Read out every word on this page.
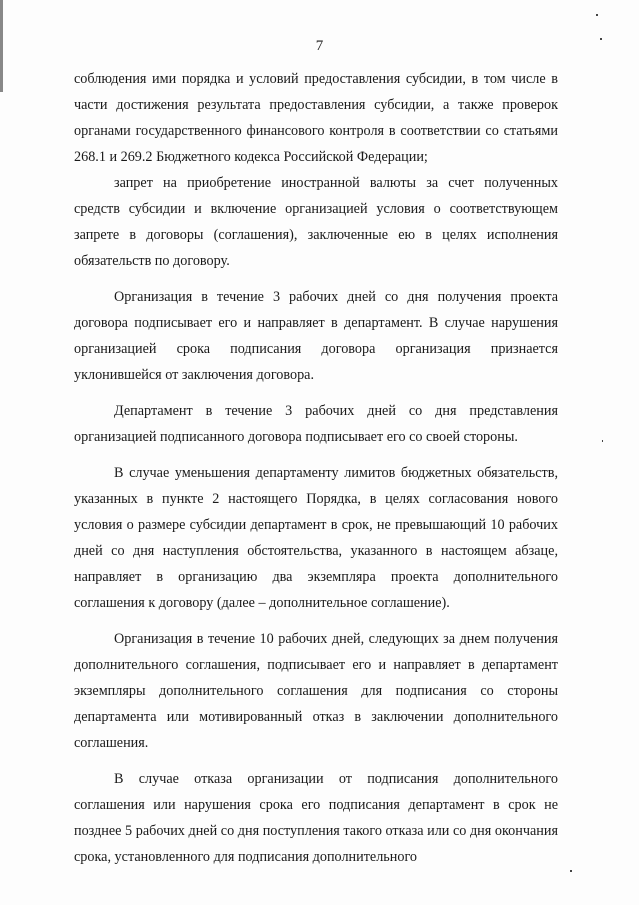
7

соблюдения ими порядка и условий предоставления субсидии, в том числе в части достижения результата предоставления субсидии, а также проверок органами государственного финансового контроля в соответствии со статьями 268.1 и 269.2 Бюджетного кодекса Российской Федерации;

запрет на приобретение иностранной валюты за счет полученных средств субсидии и включение организацией условия о соответствующем запрете в договоры (соглашения), заключенные ею в целях исполнения обязательств по договору.

Организация в течение 3 рабочих дней со дня получения проекта договора подписывает его и направляет в департамент. В случае нарушения организацией срока подписания договора организация признается уклонившейся от заключения договора.

Департамент в течение 3 рабочих дней со дня представления организацией подписанного договора подписывает его со своей стороны.

В случае уменьшения департаменту лимитов бюджетных обязательств, указанных в пункте 2 настоящего Порядка, в целях согласования нового условия о размере субсидии департамент в срок, не превышающий 10 рабочих дней со дня наступления обстоятельства, указанного в настоящем абзаце, направляет в организацию два экземпляра проекта дополнительного соглашения к договору (далее – дополнительное соглашение).

Организация в течение 10 рабочих дней, следующих за днем получения дополнительного соглашения, подписывает его и направляет в департамент экземпляры дополнительного соглашения для подписания со стороны департамента или мотивированный отказ в заключении дополнительного соглашения.

В случае отказа организации от подписания дополнительного соглашения или нарушения срока его подписания департамент в срок не позднее 5 рабочих дней со дня поступления такого отказа или со дня окончания срока, установленного для подписания дополнительного
